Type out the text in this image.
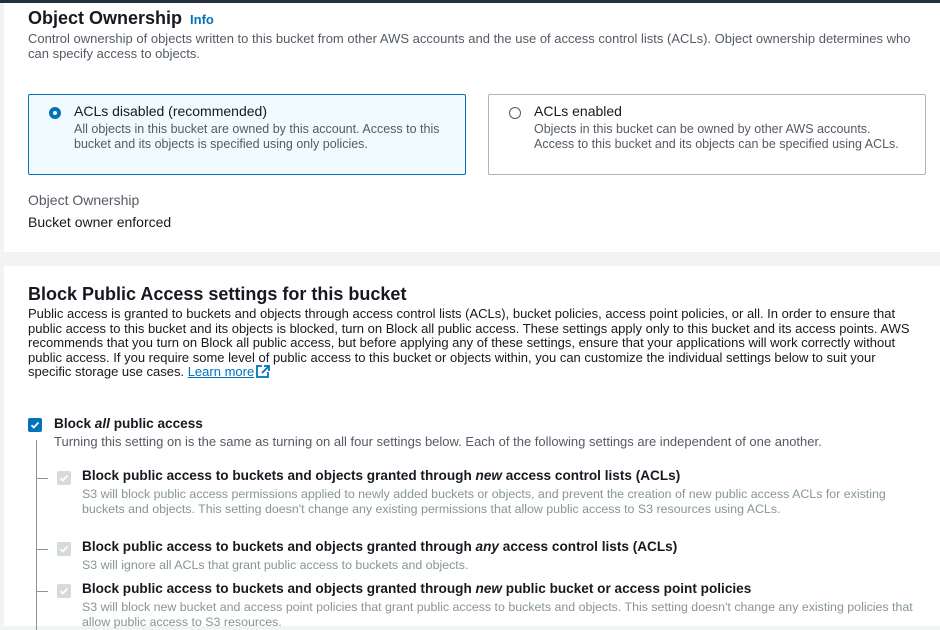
Object Ownership Info
Control ownership of objects written to this bucket from other AWS accounts and the use of access control lists (ACLs). Object ownership determines who can specify access to objects.
ACLs disabled (recommended)
All objects in this bucket are owned by this account. Access to this bucket and its objects is specified using only policies.
ACLs enabled
Objects in this bucket can be owned by other AWS accounts. Access to this bucket and its objects can be specified using ACLs.
Object Ownership
Bucket owner enforced
Block Public Access settings for this bucket
Public access is granted to buckets and objects through access control lists (ACLs), bucket policies, access point policies, or all. In order to ensure that public access to this bucket and its objects is blocked, turn on Block all public access. These settings apply only to this bucket and its access points. AWS recommends that you turn on Block all public access, but before applying any of these settings, ensure that your applications will work correctly without public access. If you require some level of public access to this bucket or objects within, you can customize the individual settings below to suit your specific storage use cases. Learn more
Block all public access
Turning this setting on is the same as turning on all four settings below. Each of the following settings are independent of one another.
Block public access to buckets and objects granted through new access control lists (ACLs)
S3 will block public access permissions applied to newly added buckets or objects, and prevent the creation of new public access ACLs for existing buckets and objects. This setting doesn't change any existing permissions that allow public access to S3 resources using ACLs.
Block public access to buckets and objects granted through any access control lists (ACLs)
S3 will ignore all ACLs that grant public access to buckets and objects.
Block public access to buckets and objects granted through new public bucket or access point policies
S3 will block new bucket and access point policies that grant public access to buckets and objects. This setting doesn't change any existing policies that allow public access to S3 resources.
